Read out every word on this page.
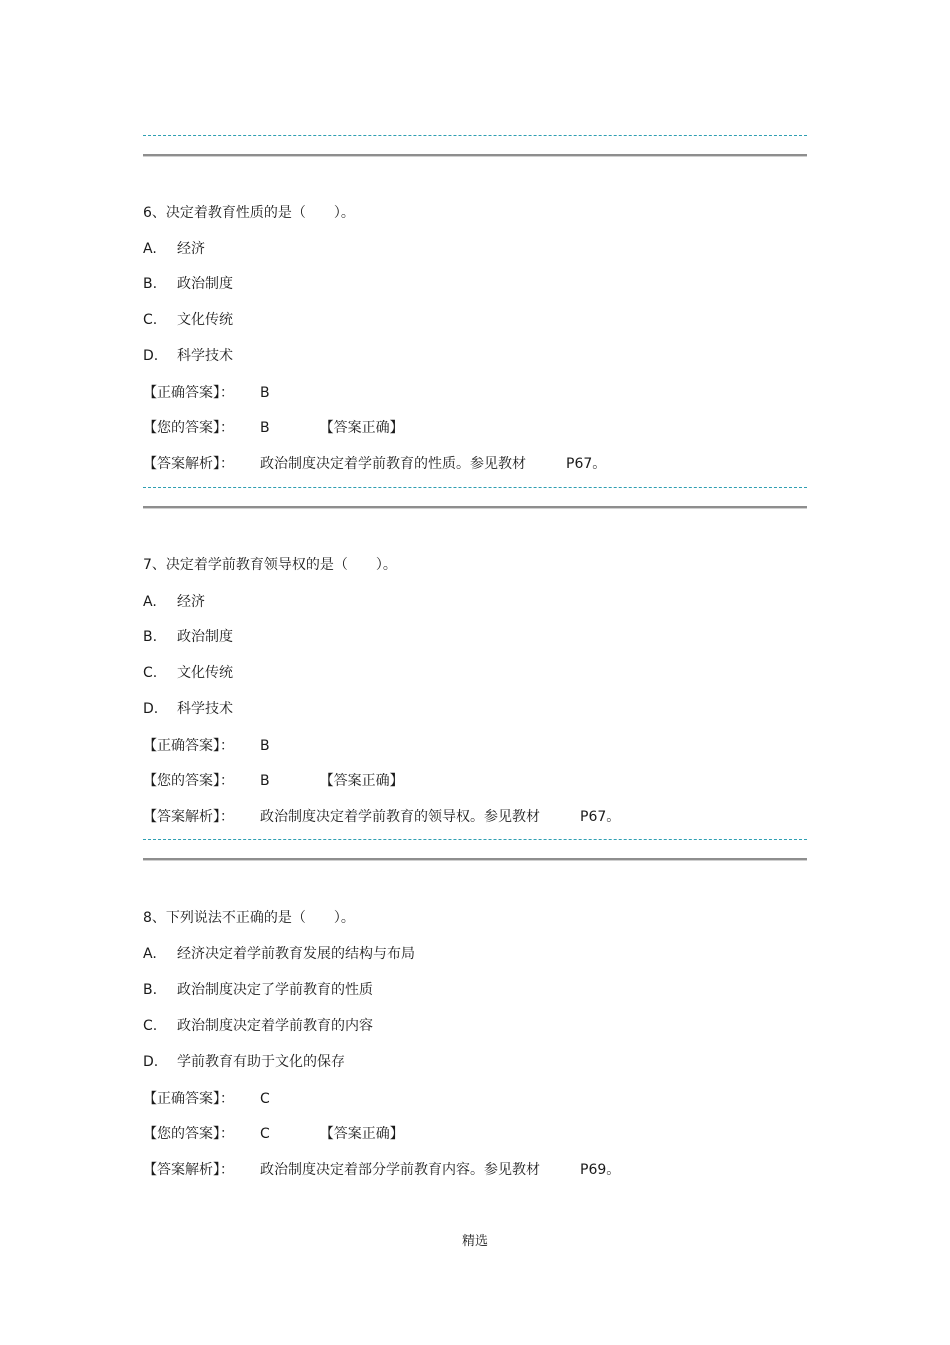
6、决定着教育性质的是（　　）。
A. 经济
B. 政治制度
C. 文化传统
D. 科学技术
【正确答案】： B
【您的答案】： B	【答案正确】
【答案解析】： 政治制度决定着学前教育的性质。参见教材	P67。
7、决定着学前教育领导权的是（　　）。
A. 经济
B. 政治制度
C. 文化传统
D. 科学技术
【正确答案】： B
【您的答案】： B	【答案正确】
【答案解析】： 政治制度决定着学前教育的领导权。参见教材	P67。
8、下列说法不正确的是（　　）。
A. 经济决定着学前教育发展的结构与布局
B. 政治制度决定了学前教育的性质
C. 政治制度决定着学前教育的内容
D. 学前教育有助于文化的保存
【正确答案】： C
【您的答案】： C	【答案正确】
【答案解析】： 政治制度决定着部分学前教育内容。参见教材	P69。
精选
